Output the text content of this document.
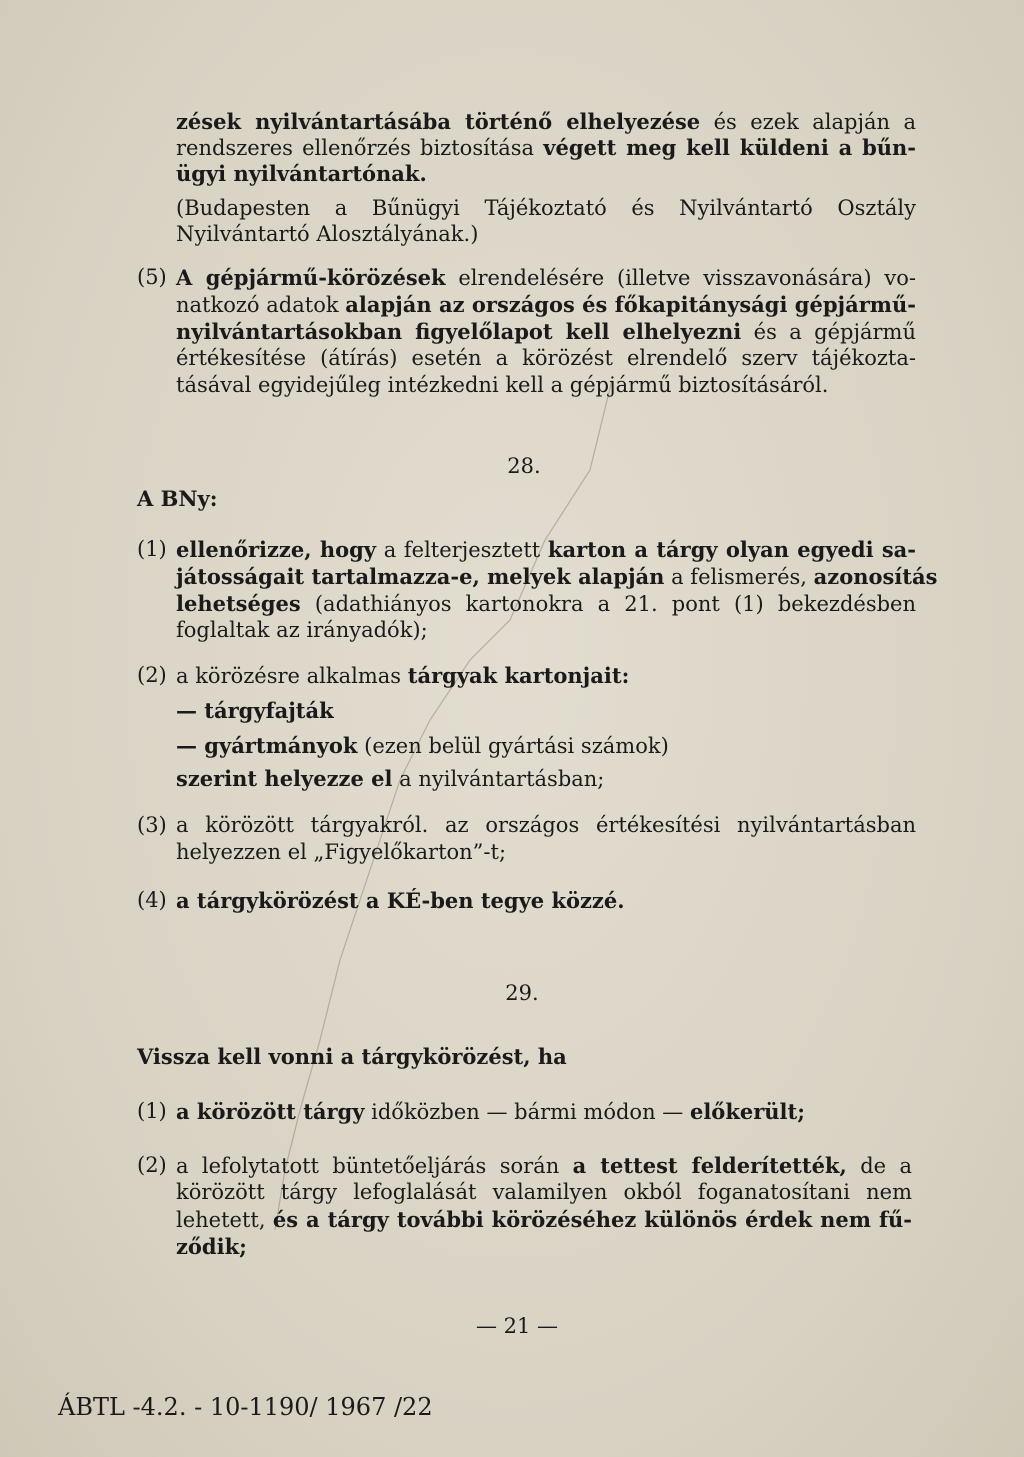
zések nyilvántartásába történő elhelyezése és ezek alapján a
rendszeres ellenőrzés biztosítása végett meg kell küldeni a bűn-
ügyi nyilvántartónak.
(Budapesten a Bűnügyi Tájékoztató és Nyilvántartó Osztály
Nyilvántartó Alosztályának.)
(5) A gépjármű-körözések elrendelésére (illetve visszavonására) vo-
natkozó adatok alapján az országos és főkapitánysági gépjármű-
nyilvántartásokban figyelőlapot kell elhelyezni és a gépjármű
értékesítése (átírás) esetén a körözést elrendelő szerv tájékozta-
tásával egyidejűleg intézkedni kell a gépjármű biztosításáról.
28.
A BNy:
(1) ellenőrizze, hogy a felterjesztett karton a tárgy olyan egyedi sa-
játosságait tartalmazza-e, melyek alapján a felismerés, azonosítás
lehetséges (adathiányos kartonokra a 21. pont (1) bekezdésben
foglaltak az irányadók);
(2) a körözésre alkalmas tárgyak kartonjait:
— tárgyfajták
— gyártmányok (ezen belül gyártási számok)
szerint helyezze el a nyilvántartásban;
(3) a körözött tárgyakról. az országos értékesítési nyilvántartásban
helyezzen el „Figyelőkarton”-t;
(4) a tárgykörözést a KÉ-ben tegye közzé.
29.
Vissza kell vonni a tárgykörözést, ha
(1) a körözött tárgy időközben — bármi módon — előkerült;
(2) a lefolytatott büntetőeljárás során a tettest felderítették, de a
körözött tárgy lefoglalását valamilyen okból foganatosítani nem
lehetett, és a tárgy további körözéséhez különös érdek nem fű-
ződik;
— 21 —
ÁBTL -4.2. - 10-1190/ 1967 /22
